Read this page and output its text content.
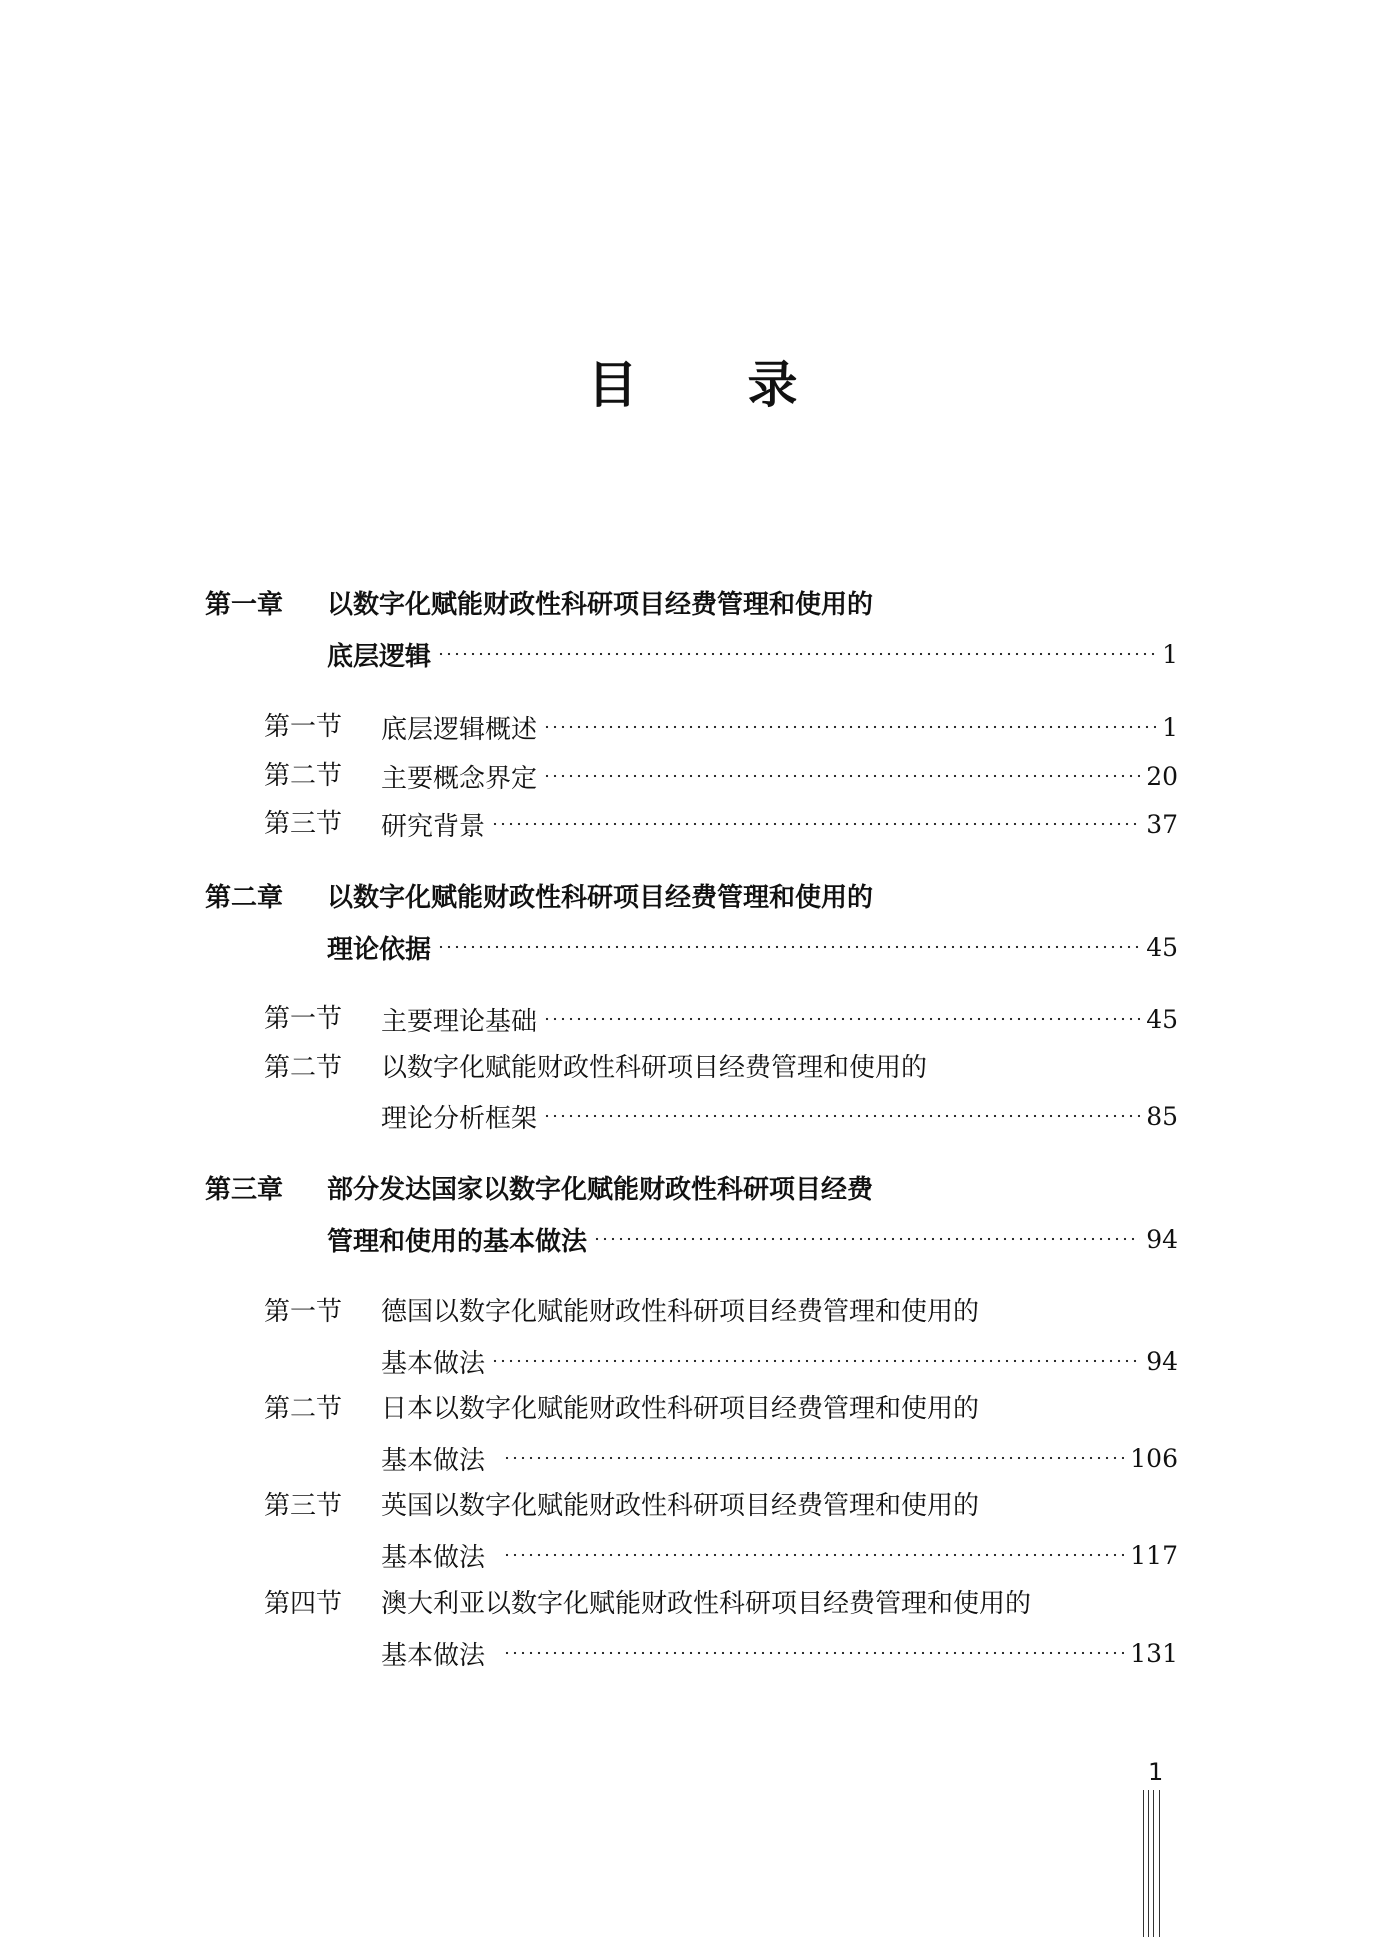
目 录
第一章 以数字化赋能财政性科研项目经费管理和使用的
底层逻辑	1
第一节 底层逻辑概述	1
第二节 主要概念界定	20
第三节 研究背景	37
第二章 以数字化赋能财政性科研项目经费管理和使用的
理论依据	45
第一节 主要理论基础	45
第二节 以数字化赋能财政性科研项目经费管理和使用的
理论分析框架	85
第三章 部分发达国家以数字化赋能财政性科研项目经费
管理和使用的基本做法	94
第一节 德国以数字化赋能财政性科研项目经费管理和使用的
基本做法	94
第二节 日本以数字化赋能财政性科研项目经费管理和使用的
基本做法	106
第三节 英国以数字化赋能财政性科研项目经费管理和使用的
基本做法	117
第四节 澳大利亚以数字化赋能财政性科研项目经费管理和使用的
基本做法	131
1
